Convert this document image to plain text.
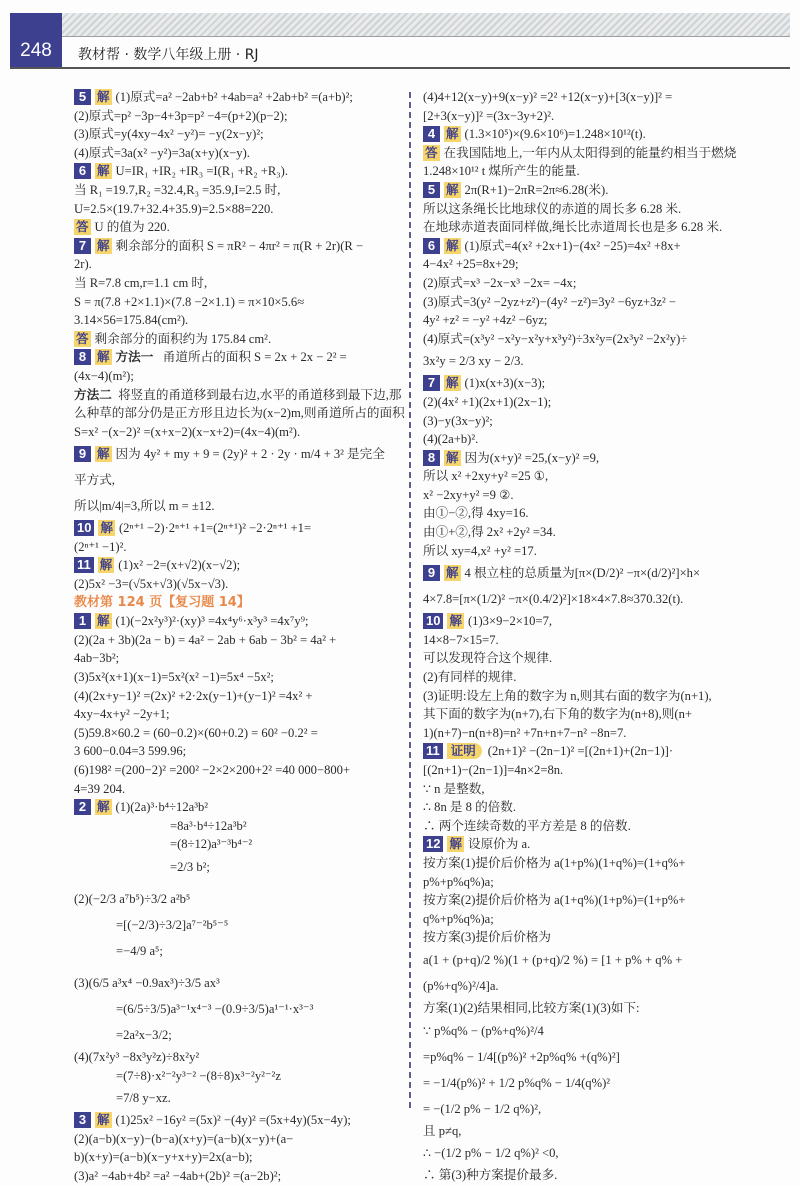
248 教材帮 · 数学八年级上册 · RJ
5 解 (1)原式=a² −2ab+b² +4ab=a² +2ab+b² =(a+b)²;
(2)原式=p² −3p−4+3p=p² −4=(p+2)(p−2);
(3)原式=y(4xy−4x² −y²)= −y(2x−y)²;
(4)原式=3a(x² −y²)=3a(x+y)(x−y).
6 解 U=IR₁ +IR₂ +IR₃ =I(R₁ +R₂ +R₃).
当 R₁ =19.7,R₂ =32.4,R₃ =35.9,I=2.5 时,
U=2.5×(19.7+32.4+35.9)=2.5×88=220.
答 U 的值为 220.
7 解 剩余部分的面积 S = πR² − 4πr² = π(R + 2r)(R −
2r).
当 R=7.8 cm,r=1.1 cm 时,
S = π(7.8 +2×1.1)×(7.8 −2×1.1) = π×10×5.6≈
3.14×56=175.84(cm²).
答 剩余部分的面积约为 175.84 cm².
8 解 方法一 甬道所占的面积 S = 2x + 2x − 2² =
(4x−4)(m²);
方法二 将竖直的甬道移到最右边,水平的甬道移到最下边,那
么种草的部分仍是正方形且边长为(x−2)m,则甬道所占的面积
S=x² −(x−2)² =(x+x−2)(x−x+2)=(4x−4)(m²).
9 解 因为 4y² + my + 9 = (2y)² + 2 · 2y · m/4 + 3² 是完全
平方式,
所以|m/4|=3,所以 m = ±12.
10 解 (2ⁿ⁺¹ −2)·2ⁿ⁺¹ +1=(2ⁿ⁺¹)² −2·2ⁿ⁺¹ +1=
(2ⁿ⁺¹ −1)².
11 解 (1)x² −2=(x+√2)(x−√2);
(2)5x² −3=(√5x+√3)(√5x−√3).
教材第 124 页【复习题 14】
1 解 (1)(−2x²y³)²·(xy)³ =4x⁴y⁶·x³y³ =4x⁷y⁹;
(2)(2a + 3b)(2a − b) = 4a² − 2ab + 6ab − 3b² = 4a² +
4ab−3b²;
(3)5x²(x+1)(x−1)=5x²(x² −1)=5x⁴ −5x²;
(4)(2x+y−1)² =(2x)² +2·2x(y−1)+(y−1)² =4x² +
4xy−4x+y² −2y+1;
(5)59.8×60.2 = (60−0.2)×(60+0.2) = 60² −0.2² =
3 600−0.04=3 599.96;
(6)198² =(200−2)² =200² −2×2×200+2² =40 000−800+
4=39 204.
2 解 (1)(2a)³·b⁴÷12a³b²
=8a³·b⁴÷12a³b²
=(8÷12)a³⁻³b⁴⁻²
=2/3 b²;
(2)(−2/3 a⁷b⁵)÷3/2 a²b⁵
=[(−2/3)÷3/2]a⁷⁻²b⁵⁻⁵
=−4/9 a⁵;
(3)(6/5 a³x⁴ −0.9ax³)÷3/5 ax³
=(6/5÷3/5)a³⁻¹x⁴⁻³ −(0.9÷3/5)a¹⁻¹·x³⁻³
=2a²x−3/2;
(4)(7x²y³ −8x³y²z)÷8x²y²
=(7÷8)·x²⁻²y³⁻² −(8÷8)x³⁻²y²⁻²z
=7/8 y−xz.
3 解 (1)25x² −16y² =(5x)² −(4y)² =(5x+4y)(5x−4y);
(2)(a−b)(x−y)−(b−a)(x+y)=(a−b)(x−y)+(a−
b)(x+y)=(a−b)(x−y+x+y)=2x(a−b);
(3)a² −4ab+4b² =a² −4ab+(2b)² =(a−2b)²;
(4)4+12(x−y)+9(x−y)² =2² +12(x−y)+[3(x−y)]² =
[2+3(x−y)]² =(3x−3y+2)².
4 解 (1.3×10⁵)×(9.6×10⁶)=1.248×10¹²(t).
答 在我国陆地上,一年内从太阳得到的能量约相当于燃烧
1.248×10¹² t 煤所产生的能量.
5 解 2π(R+1)−2πR=2π≈6.28(米).
所以这条绳长比地球仪的赤道的周长多 6.28 米.
在地球赤道表面同样做,绳长比赤道周长也是多 6.28 米.
6 解 (1)原式=4(x² +2x+1)−(4x² −25)=4x² +8x+
4−4x² +25=8x+29;
(2)原式=x³ −2x−x³ −2x= −4x;
(3)原式=3(y² −2yz+z²)−(4y² −z²)=3y² −6yz+3z² −
4y² +z² = −y² +4z² −6yz;
(4)原式=(x³y² −x²y−x²y+x³y²)÷3x²y=(2x³y² −2x²y)÷
3x²y = 2/3 xy − 2/3.
7 解 (1)x(x+3)(x−3);
(2)(4x² +1)(2x+1)(2x−1);
(3)−y(3x−y)²;
(4)(2a+b)².
8 解 因为(x+y)² =25,(x−y)² =9,
所以 x² +2xy+y² =25 ①,
x² −2xy+y² =9 ②.
由①−②,得 4xy=16.
由①+②,得 2x² +2y² =34.
所以 xy=4,x² +y² =17.
9 解 4 根立柱的总质量为[π×(D/2)² −π×(d/2)²]×h×
4×7.8=[π×(1/2)² −π×(0.4/2)²]×18×4×7.8≈370.32(t).
10 解 (1)3×9−2×10=7,
14×8−7×15=7.
可以发现符合这个规律.
(2)有同样的规律.
(3)证明:设左上角的数字为 n,则其右面的数字为(n+1),
其下面的数字为(n+7),右下角的数字为(n+8),则(n+
1)(n+7)−n(n+8)=n² +7n+n+7−n² −8n=7.
11 证明 (2n+1)² −(2n−1)² =[(2n+1)+(2n−1)]·
[(2n+1)−(2n−1)]=4n×2=8n.
∵ n 是整数,
∴ 8n 是 8 的倍数.
∴ 两个连续奇数的平方差是 8 的倍数.
12 解 设原价为 a.
按方案(1)提价后价格为 a(1+p%)(1+q%)=(1+q%+
p%+p%q%)a;
按方案(2)提价后价格为 a(1+q%)(1+p%)=(1+p%+
q%+p%q%)a;
按方案(3)提价后价格为
a(1 + (p+q)/2 %)(1 + (p+q)/2 %) = [1 + p% + q% +
(p%+q%)²/4]a.
方案(1)(2)结果相同,比较方案(1)(3)如下:
∵ p%q% − (p%+q%)²/4
=p%q% − 1/4[(p%)² +2p%q% +(q%)²]
= −1/4(p%)² + 1/2 p%q% − 1/4(q%)²
= −(1/2 p% − 1/2 q%)²,
且 p≠q,
∴ −(1/2 p% − 1/2 q%)² <0,
∴ 第(3)种方案提价最多.
